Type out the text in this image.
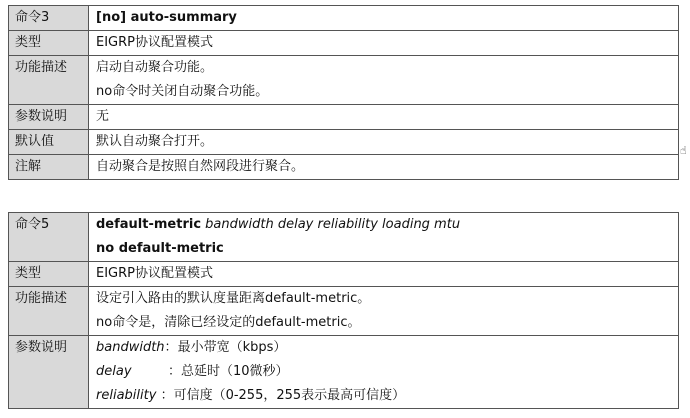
命令3	[no] auto-summary

类型	EIGRP协议配置模式

功能描述	启动自动聚合功能。
no命令时关闭自动聚合功能。

参数说明	无

默认值	默认自动聚合打开。

注解	自动聚合是按照自然网段进行聚合。
☝
命令5	default-metric bandwidth delay reliability loading mtu
no default-metric

类型	EIGRP协议配置模式

功能描述	设定引入路由的默认度量距离default-metric。
no命令是，清除已经设定的default-metric。

参数说明	bandwidth：最小带宽（kbps）
delay ：总延时（10微秒）
reliability ：可信度（0-255，255表示最高可信度）
